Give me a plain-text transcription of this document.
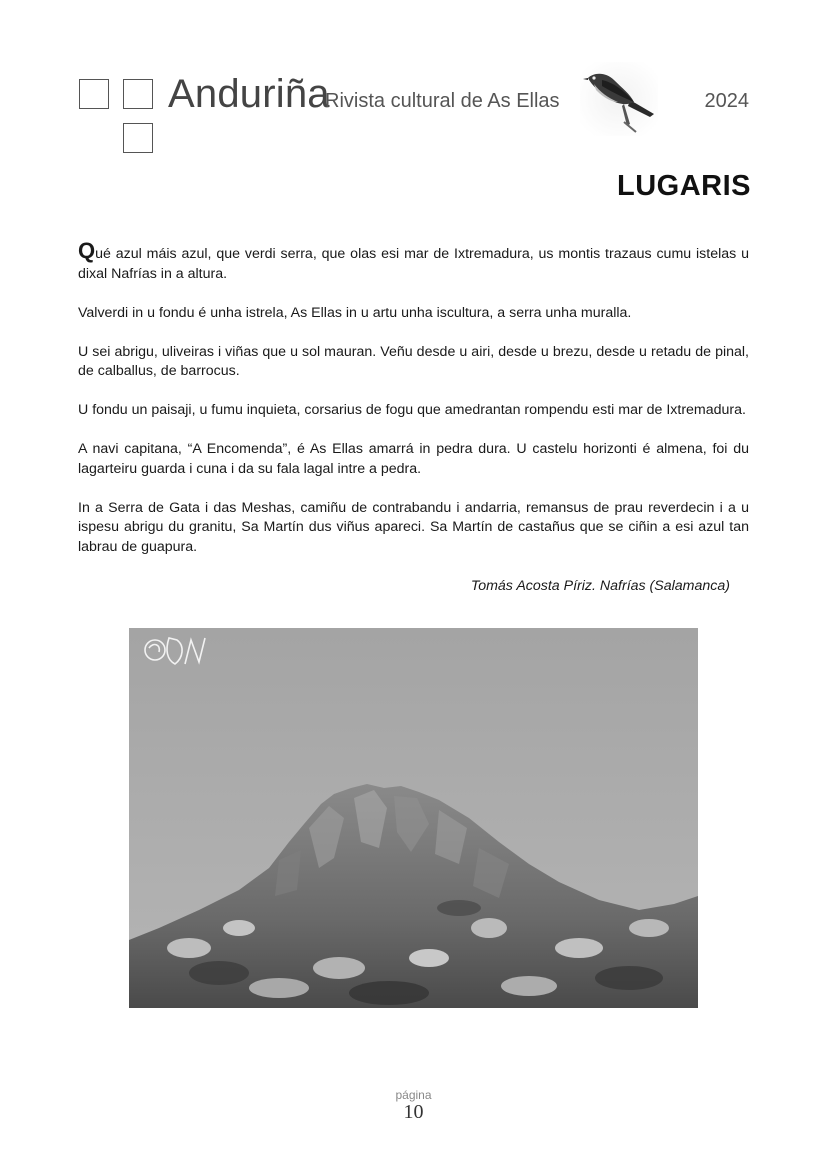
Anduriña
Rivista cultural de As Ellas	2024
LUGARIS

Qué azul máis azul, que verdi serra, que olas esi mar de Ixtremadura, us montis trazaus cumu istelas u dixal Nafrías in a altura.

Valverdi in u fondu é unha istrela, As Ellas in u artu unha iscultura, a serra unha muralla.

U sei abrigu, uliveiras i viñas que u sol mauran. Veñu desde u airi, desde u brezu, desde u retadu de pinal, de calballus, de barrocus.

U fondu un paisaji, u fumu inquieta, corsarius de fogu que amedrantan rompendu esti mar de Ixtremadura.

A navi capitana, “A Encomenda”, é As Ellas amarrá in pedra dura. U castelu horizonti é almena, foi du lagarteiru guarda i cuna i da su fala lagal intre a pedra.

In a Serra de Gata i das Meshas, camiñu de contrabandu i andarria, remansus de prau reverdecin i a u ispesu abrigu du granitu, Sa Martín dus viñus apareci. Sa Martín de castañus que se ciñin a esi azul tan labrau de guapura.

Tomás Acosta Píriz. Nafrías (Salamanca)
página
10
